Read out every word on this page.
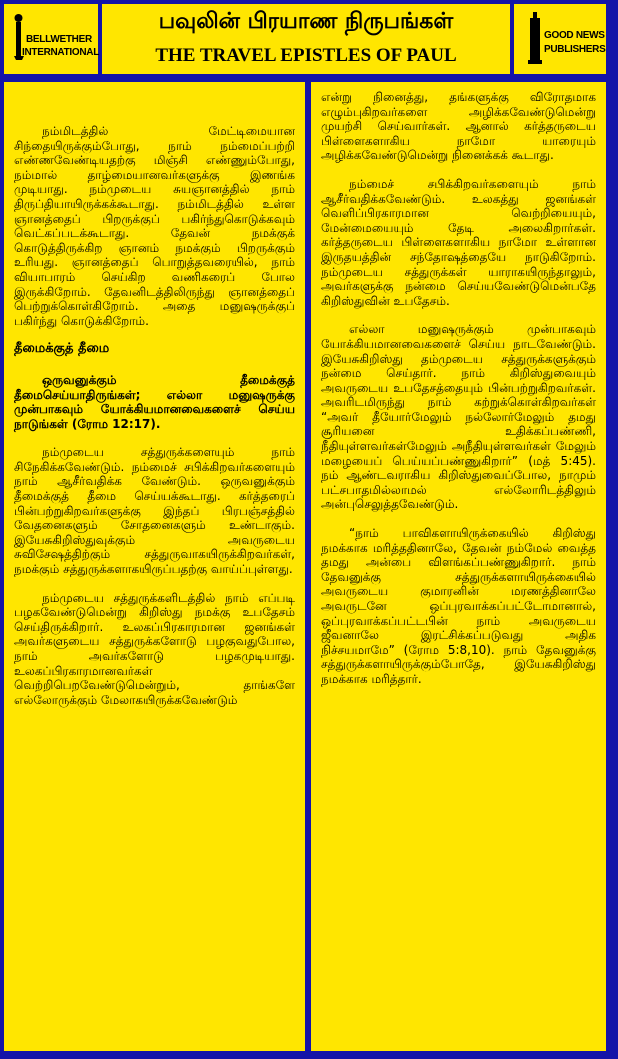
BELLWETHER
INTERNATIONAL
பவுலின் பிரயாண நிருபங்கள்
THE TRAVEL EPISTLES OF PAUL
GOOD NEWS
PUBLISHERS

நம்மிடத்தில் மேட்டிமையான சிந்தையிருக்கும்போது, நாம் நம்மைப்பற்றி எண்ணவேண்டியதற்கு மிஞ்சி எண்ணும்போது, நம்மால் தாழ்மையானவர்களுக்கு இணங்க முடியாது. நம்முடைய சுயஞானத்தில் நாம் திருப்தியாயிருக்கக்கூடாது. நம்மிடத்தில் உள்ள ஞானத்தைப் பிறருக்குப் பகிர்ந்துகொடுக்கவும் வெட்கப்படக்கூடாது. தேவன் நமக்குக் கொடுத்திருக்கிற ஞானம் நமக்கும் பிறருக்கும் உரியது. ஞானத்தைப் பொறுத்தவரையில், நாம் வியாபாரம் செய்கிற வணிகரைப் போல இருக்கிறோம். தேவனிடத்திலிருந்து ஞானத்தைப் பெற்றுக்கொள்கிறோம். அதை மனுஷருக்குப் பகிர்ந்து கொடுக்கிறோம்.

தீமைக்குத் தீமை

ஒருவனுக்கும் தீமைக்குத் தீமைசெய்யாதிருங்கள்; எல்லா மனுஷருக்கு முன்பாகவும் யோக்கியமானவைகளைச் செய்ய நாடுங்கள் (ரோம 12:17).

நம்முடைய சத்துருக்களையும் நாம் சிநேகிக்கவேண்டும். நம்மைச் சபிக்கிறவர்களையும் நாம் ஆசீர்வதிக்க வேண்டும். ஒருவனுக்கும் தீமைக்குத் தீமை செய்யக்கூடாது. கர்த்தரைப் பின்பற்றுகிறவர்களுக்கு இந்தப் பிரபஞ்சத்தில் வேதனைகளும் சோதனைகளும் உண்டாகும். இயேசுகிறிஸ்துவுக்கும் அவருடைய சுவிசேஷத்திற்கும் சத்துருவாகயிருக்கிறவர்கள், நமக்கும் சத்துருக்களாகயிருப்பதற்கு வாய்ப்புள்ளது.

நம்முடைய சத்துருக்களிடத்தில் நாம் எப்படி பழகவேண்டுமென்று கிறிஸ்து நமக்கு உபதேசம் செய்திருக்கிறார். உலகப்பிரகாரமான ஜனங்கள் அவர்களுடைய சத்துருக்களோடு பழகுவதுபோல, நாம் அவர்களோடு பழகமுடியாது. உலகப்பிரகாரமானவர்கள் வெற்றிபெறவேண்டுமென்றும், தாங்களே எல்லோருக்கும் மேலாகயிருக்கவேண்டும்

என்று நினைத்து, தங்களுக்கு விரோதமாக எழும்புகிறவர்களை அழிக்கவேண்டுமென்று முயற்சி செய்வார்கள். ஆனால் கர்த்தருடைய பிள்ளைகளாகிய நாமோ யாரையும் அழிக்கவேண்டுமென்று நினைக்கக் கூடாது.

நம்மைச் சபிக்கிறவர்களையும் நாம் ஆசீர்வதிக்கவேண்டும். உலகத்து ஜனங்கள் வெளிப்பிரகாரமான வெற்றியையும், மேன்மையையும் தேடி அலைகிறார்கள். கர்த்தருடைய பிள்ளைகளாகிய நாமோ உள்ளான இருதயத்தின் சந்தோஷத்தையே நாடுகிறோம். நம்முடைய சத்துருக்கள் யாராகயிருந்தாலும், அவர்களுக்கு நன்மை செய்யவேண்டுமென்பதே கிறிஸ்துவின் உபதேசம்.

எல்லா மனுஷருக்கும் முன்பாகவும் யோக்கியமானவைகளைச் செய்ய நாடவேண்டும். இயேசுகிறிஸ்து தம்முடைய சத்துருக்களுக்கும் நன்மை செய்தார். நாம் கிறிஸ்துவையும் அவருடைய உபதேசத்தையும் பின்பற்றுகிறவர்கள். அவரிடமிருந்து நாம் கற்றுக்கொள்கிறவர்கள் “அவர் தீயோர்மேலும் நல்லோர்மேலும் தமது சூரியனை உதிக்கப்பண்ணி, நீதியுள்ளவர்கள்மேலும் அநீதியுள்ளவர்கள் மேலும் மழையைப் பெய்யப்பண்ணுகிறார்” (மத் 5:45). நம் ஆண்டவராகிய கிறிஸ்துவைப்போல, நாமும் பட்சபாதமில்லாமல் எல்லோரிடத்திலும் அன்புசெலுத்தவேண்டும்.

“நாம் பாவிகளாயிருக்கையில் கிறிஸ்து நமக்காக மரித்ததினாலே, தேவன் நம்மேல் வைத்த தமது அன்பை விளங்கப்பண்ணுகிறார். நாம் தேவனுக்கு சத்துருக்களாயிருக்கையில் அவருடைய குமாரனின் மரணத்தினாலே அவருடனே ஒப்புரவாக்கப்பட்டோமானால், ஒப்புரவாக்கப்பட்டபின் நாம் அவருடைய ஜீவனாலே இரட்சிக்கப்படுவது அதிக நிச்சயமாமே” (ரோம 5:8,10). நாம் தேவனுக்கு சத்துருக்களாயிருக்கும்போதே, இயேசுகிறிஸ்து நமக்காக மரித்தார்.
